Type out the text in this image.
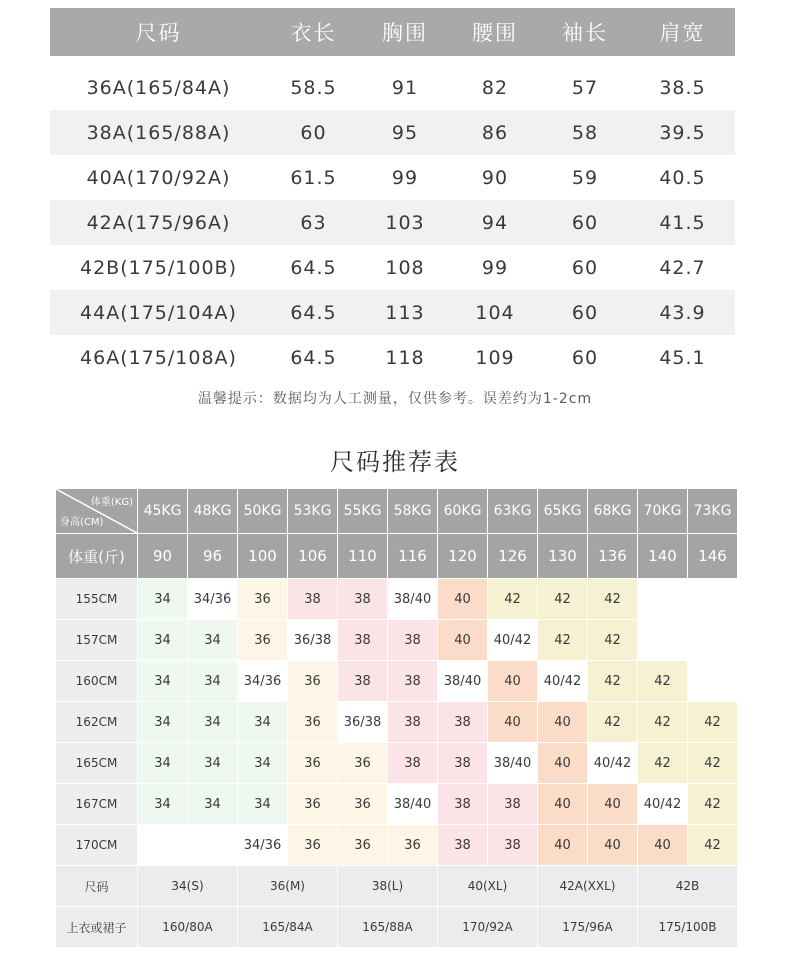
尺码	衣长	胸围	腰围	袖长	肩宽

36A(165/84A)	58.5	91	82	57	38.5
38A(165/88A)	60	95	86	58	39.5
40A(170/92A)	61.5	99	90	59	40.5
42A(175/96A)	63	103	94	60	41.5
42B(175/100B)	64.5	108	99	60	42.7
44A(175/104A)	64.5	113	104	60	43.9
46A(175/108A)	64.5	118	109	60	45.1
温馨提示：数据均为人工测量，仅供参考。误差约为1-2cm
尺码推荐表
体重(KG)
身高(CM)	45KG	48KG	50KG	53KG	55KG	58KG	60KG	63KG	65KG	68KG	70KG	73KG
体重(斤)	90	96	100	106	110	116	120	126	130	136	140	146
155CM	34	34/36	36	38	38	38/40	40	42	42	42		
157CM	34	34	36	36/38	38	38	40	40/42	42	42		
160CM	34	34	34/36	36	38	38	38/40	40	40/42	42	42	
162CM	34	34	34	36	36/38	38	38	40	40	42	42	42
165CM	34	34	34	36	36	38	38	38/40	40	40/42	42	42
167CM	34	34	34	36	36	38/40	38	38	40	40	40/42	42
170CM			34/36	36	36	36	38	38	40	40	40	42
尺码	34(S)		36(M)		38(L)		40(XL)		42A(XXL)		42B	
上衣或裙子	160/80A		165/84A		165/88A		170/92A		175/96A		175/100B	
